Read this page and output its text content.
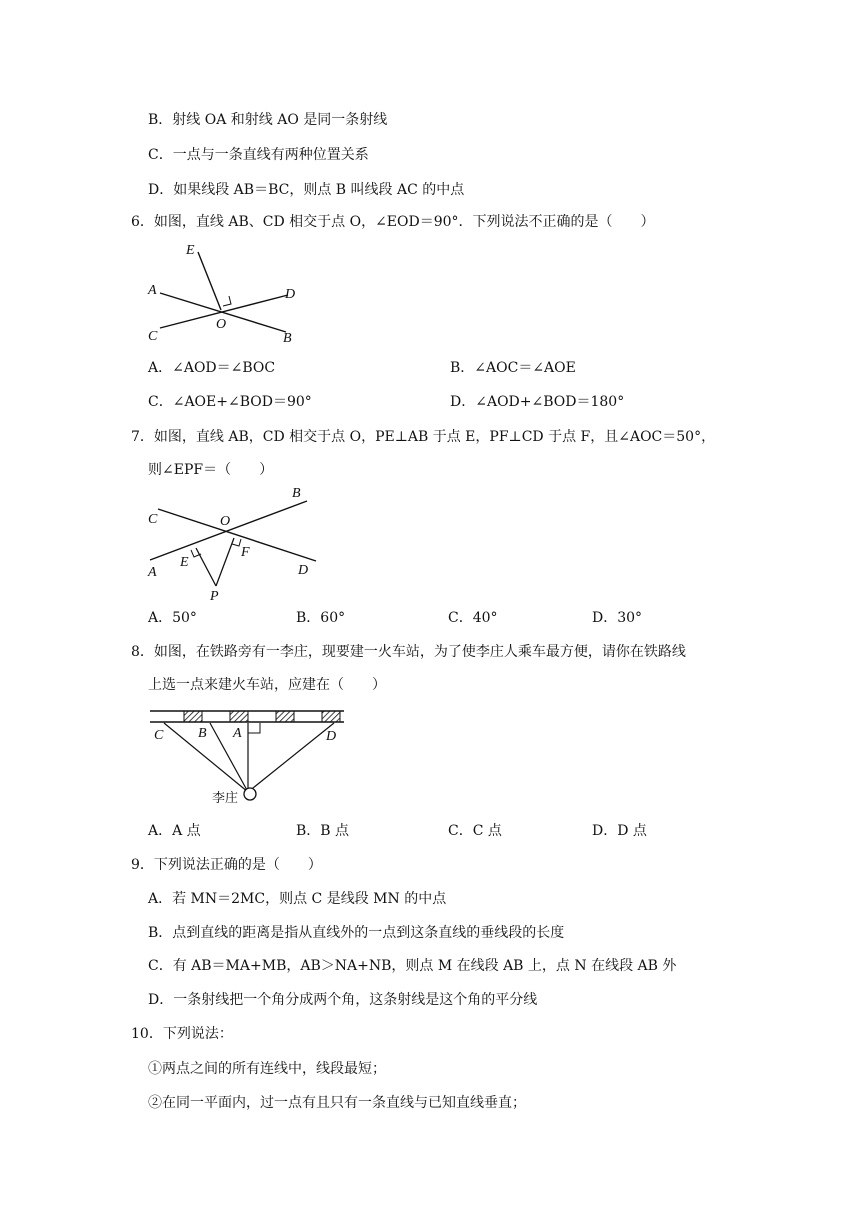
B．射线 OA 和射线 AO 是同一条射线
C．一点与一条直线有两种位置关系
D．如果线段 AB＝BC，则点 B 叫线段 AC 的中点
6．如图，直线 AB、CD 相交于点 O，∠EOD＝90°．下列说法不正确的是（　　）
E
A	D
O
C	B
A．∠AOD＝∠BOC	B．∠AOC＝∠AOE
C．∠AOE+∠BOD＝90°	D．∠AOD+∠BOD＝180°
7．如图，直线 AB，CD 相交于点 O，PE⊥AB 于点 E，PF⊥CD 于点 F，且∠AOC＝50°，
则∠EPF＝（　　）
B
C	O
E
F
A	D
P
A．50°	B．60°	C．40°	D．30°
8．如图，在铁路旁有一李庄，现要建一火车站，为了使李庄人乘车最方便，请你在铁路线
上选一点来建火车站，应建在（　　）
C B A	D
李庄
A．A 点	B．B 点	C．C 点	D．D 点
9．下列说法正确的是（　　）
A．若 MN＝2MC，则点 C 是线段 MN 的中点
B．点到直线的距离是指从直线外的一点到这条直线的垂线段的长度
C．有 AB＝MA+MB，AB＞NA+NB，则点 M 在线段 AB 上，点 N 在线段 AB 外
D．一条射线把一个角分成两个角，这条射线是这个角的平分线
10．下列说法：
①两点之间的所有连线中，线段最短；
②在同一平面内，过一点有且只有一条直线与已知直线垂直；
